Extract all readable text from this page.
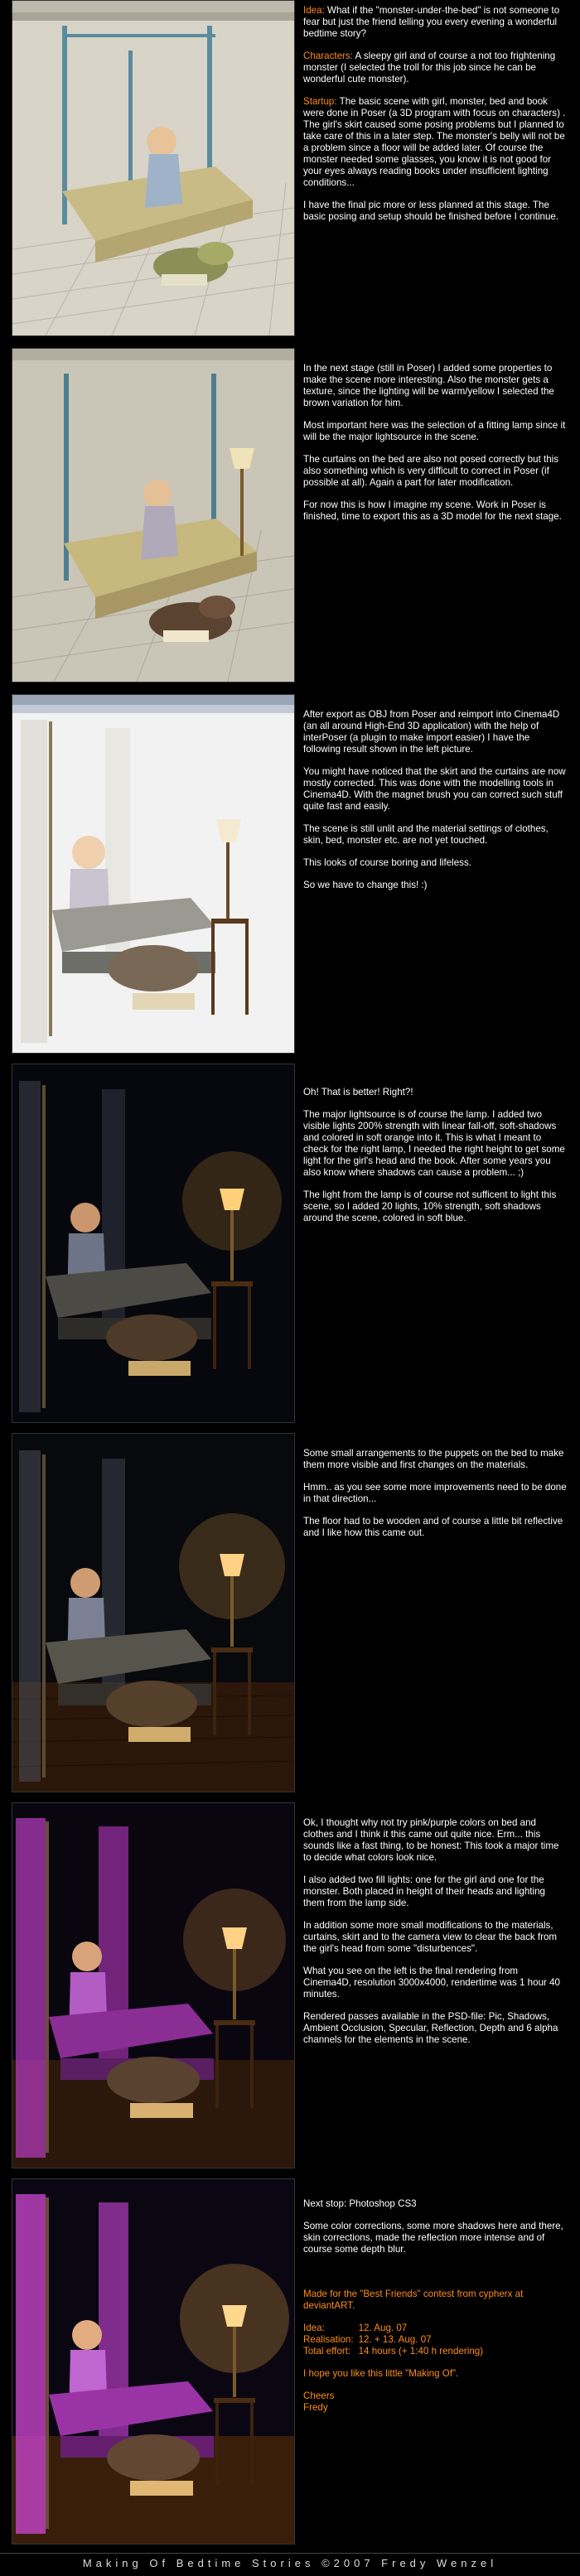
Idea: What if the "monster-under-the-bed" is not someone to fear but just the friend telling you every evening a wonderful bedtime story?

Characters: A sleepy girl and of course a not too frightening monster (I selected the troll for this job since he can be wonderful cute monster).

Startup: The basic scene with girl, monster, bed and book were done in Poser (a 3D program with focus on characters) . The girl's skirt caused some posing problems but I planned to take care of this in a later step. The monster's belly will not be a problem since a floor will be added later. Of course the monster needed some glasses, you know it is not good for your eyes always reading books under insufficient lighting conditions...

I have the final pic more or less planned at this stage. The basic posing and setup should be finished before I continue.

In the next stage (still in Poser) I added some properties to make the scene more interesting. Also the monster gets a texture, since the lighting will be warm/yellow I selected the brown variation for him.

Most important here was the selection of a fitting lamp since it will be the major lightsource in the scene.

The curtains on the bed are also not posed correctly but this also something which is very difficult to correct in Poser (if possible at all). Again a part for later modification.

For now this is how I imagine my scene. Work in Poser is finished, time to export this as a 3D model for the next stage.

After export as OBJ from Poser and reimport into Cinema4D (an all around High-End 3D application) with the help of interPoser (a plugin to make import easier) I have the following result shown in the left picture.

You might have noticed that the skirt and the curtains are now mostly corrected. This was done with the modelling tools in Cinema4D. With the magnet brush you can correct such stuff quite fast and easily.

The scene is still unlit and the material settings of clothes, skin, bed, monster etc. are not yet touched.

This looks of course boring and lifeless.

So we have to change this! :)

Oh! That is better! Right?!

The major lightsource is of course the lamp. I added two visible lights 200% strength with linear fall-off, soft-shadows and colored in soft orange into it. This is what I meant to check for the right lamp, I needed the right height to get some light for the girl's head and the book. After some years you also know where shadows can cause a problem... ;)

The light from the lamp is of course not sufficent to light this scene, so I added 20 lights, 10% strength, soft shadows around the scene, colored in soft blue.

Some small arrangements to the puppets on the bed to make them more visible and first changes on the materials.

Hmm.. as you see some more improvements need to be done in that direction...

The floor had to be wooden and of course a little bit reflective and I like how this came out.

Ok, I thought why not try pink/purple colors on bed and clothes and I think it this came out quite nice. Erm... this sounds like a fast thing, to be honest: This took a major time to decide what colors look nice.

I also added two fill lights: one for the girl and one for the monster. Both placed in height of their heads and lighting them from the lamp side.

In addition some more small modifications to the materials, curtains, skirt and to the camera view to clear the back from the girl's head from some "disturbences".

What you see on the left is the final rendering from Cinema4D, resolution 3000x4000, rendertime was 1 hour 40 minutes.

Rendered passes available in the PSD-file: Pic, Shadows, Ambient Occlusion, Specular, Reflection, Depth and 6 alpha channels for the elements in the scene.

Next stop: Photoshop CS3

Some color corrections, some more shadows here and there, skin corrections, made the reflection more intense and of course some depth blur.

Made for the "Best Friends" contest from cypherx at deviantART.

Idea:	12. Aug. 07
Realisation:	12. + 13. Aug. 07
Total effort:	14 hours (+ 1:40 h rendering)

I hope you like this little "Making Of".

Cheers

Fredy

Making Of Bedtime Stories ©2007 Fredy Wenzel
